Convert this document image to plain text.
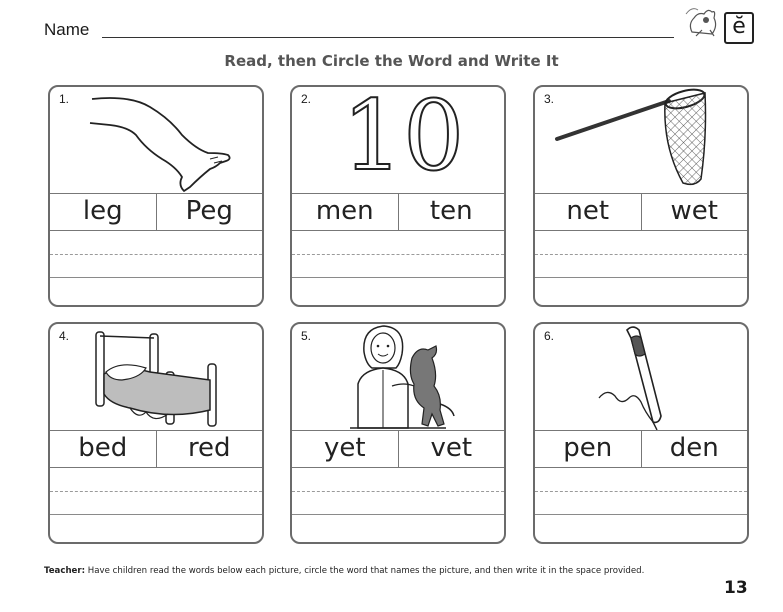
Name	ĕ
Read, then Circle the Word and Write It
1.
leg	Peg
10
2.
men	ten
3.
net	wet
4.
bed	red
5.
yet	vet
6.
pen	den
Teacher: Have children read the words below each picture, circle the word that names the picture, and then write it in the space provided.
13
